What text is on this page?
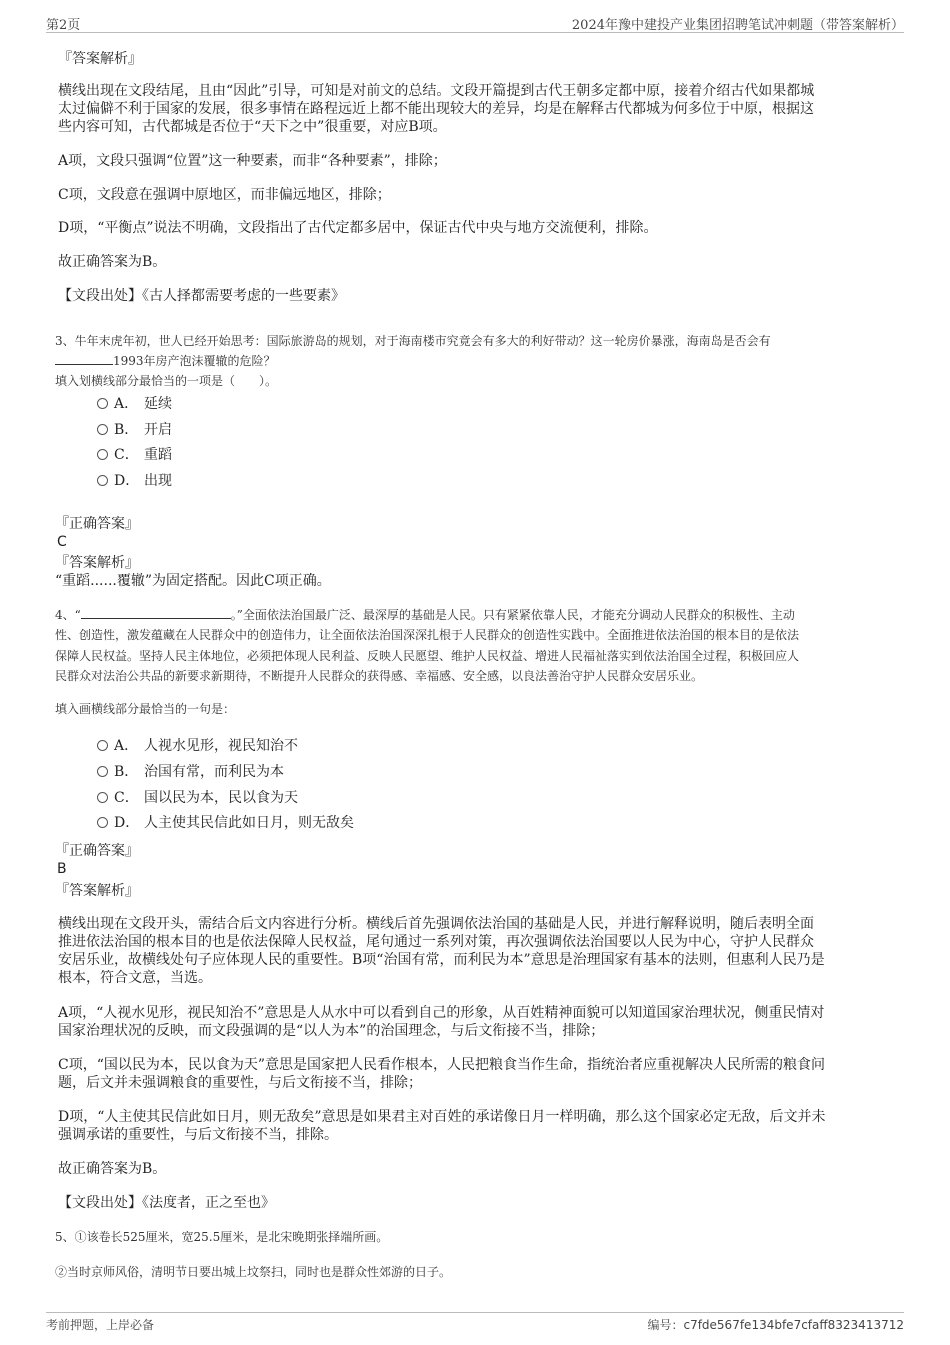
第2页	2024年豫中建投产业集团招聘笔试冲刺题（带答案解析）
『答案解析』
横线出现在文段结尾，且由“因此”引导，可知是对前文的总结。文段开篇提到古代王朝多定都中原，接着介绍古代如果都城
太过偏僻不利于国家的发展，很多事情在路程远近上都不能出现较大的差异，均是在解释古代都城为何多位于中原，根据这
些内容可知，古代都城是否位于“天下之中”很重要，对应B项。
A项，文段只强调“位置”这一种要素，而非“各种要素”，排除；
C项，文段意在强调中原地区，而非偏远地区，排除；
D项，“平衡点”说法不明确，文段指出了古代定都多居中，保证古代中央与地方交流便利，排除。
故正确答案为B。
【文段出处】《古人择都需要考虑的一些要素》
3、牛年末虎年初，世人已经开始思考：国际旅游岛的规划，对于海南楼市究竟会有多大的利好带动？这一轮房价暴涨，海南岛是否会有
1993年房产泡沫覆辙的危险？
填入划横线部分最恰当的一项是（　　）。
A． 延续
B． 开启
C． 重蹈
D． 出现
『正确答案』
C
『答案解析』
“重蹈......覆辙”为固定搭配。因此C项正确。
4、“	。”全面依法治国最广泛、最深厚的基础是人民。只有紧紧依靠人民，才能充分调动人民群众的积极性、主动
性、创造性，激发蕴藏在人民群众中的创造伟力，让全面依法治国深深扎根于人民群众的创造性实践中。全面推进依法治国的根本目的是依法
保障人民权益。坚持人民主体地位，必须把体现人民利益、反映人民愿望、维护人民权益、增进人民福祉落实到依法治国全过程，积极回应人
民群众对法治公共品的新要求新期待，不断提升人民群众的获得感、幸福感、安全感，以良法善治守护人民群众安居乐业。
填入画横线部分最恰当的一句是：
A． 人视水见形，视民知治不
B． 治国有常，而利民为本
C． 国以民为本，民以食为天
D． 人主使其民信此如日月，则无敌矣
『正确答案』
B
『答案解析』
横线出现在文段开头，需结合后文内容进行分析。横线后首先强调依法治国的基础是人民，并进行解释说明，随后表明全面
推进依法治国的根本目的也是依法保障人民权益，尾句通过一系列对策，再次强调依法治国要以人民为中心，守护人民群众
安居乐业，故横线处句子应体现人民的重要性。B项“治国有常，而利民为本”意思是治理国家有基本的法则，但惠利人民乃是
根本，符合文意，当选。
A项，“人视水见形，视民知治不”意思是人从水中可以看到自己的形象，从百姓精神面貌可以知道国家治理状况，侧重民情对
国家治理状况的反映，而文段强调的是“以人为本”的治国理念，与后文衔接不当，排除；
C项，“国以民为本，民以食为天”意思是国家把人民看作根本，人民把粮食当作生命，指统治者应重视解决人民所需的粮食问
题，后文并未强调粮食的重要性，与后文衔接不当，排除；
D项，“人主使其民信此如日月，则无敌矣”意思是如果君主对百姓的承诺像日月一样明确，那么这个国家必定无敌，后文并未
强调承诺的重要性，与后文衔接不当，排除。
故正确答案为B。
【文段出处】《法度者，正之至也》
5、①该卷长525厘米，宽25.5厘米，是北宋晚期张择端所画。
②当时京师风俗，清明节日要出城上坟祭扫，同时也是群众性郊游的日子。
考前押题，上岸必备	编号：c7fde567fe134bfe7cfaff8323413712
